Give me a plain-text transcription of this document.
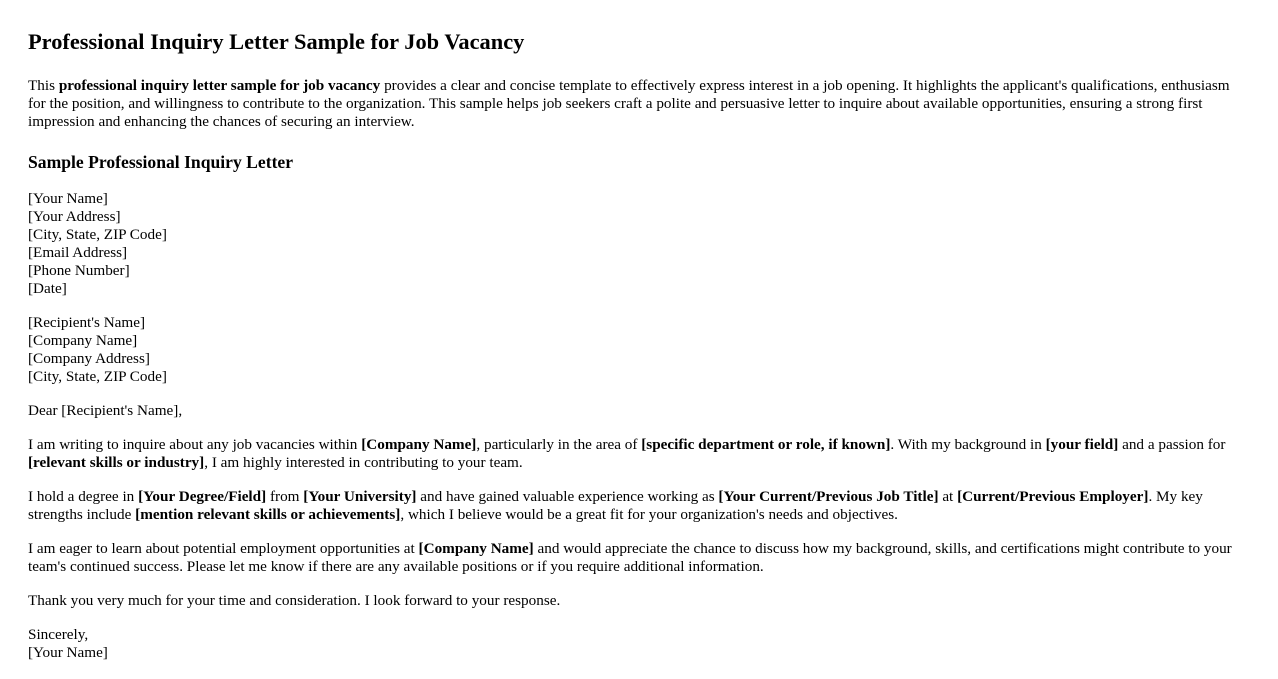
Professional Inquiry Letter Sample for Job Vacancy

This professional inquiry letter sample for job vacancy provides a clear and concise template to effectively express interest in a job opening. It highlights the applicant's qualifications, enthusiasm for the position, and willingness to contribute to the organization. This sample helps job seekers craft a polite and persuasive letter to inquire about available opportunities, ensuring a strong first impression and enhancing the chances of securing an interview.

Sample Professional Inquiry Letter
[Your Name]
[Your Address]
[City, State, ZIP Code]
[Email Address]
[Phone Number]
[Date]
[Recipient's Name]
[Company Name]
[Company Address]
[City, State, ZIP Code]

Dear [Recipient's Name],

I am writing to inquire about any job vacancies within [Company Name], particularly in the area of [specific department or role, if known]. With my background in [your field] and a passion for [relevant skills or industry], I am highly interested in contributing to your team.

I hold a degree in [Your Degree/Field] from [Your University] and have gained valuable experience working as [Your Current/Previous Job Title] at [Current/Previous Employer]. My key strengths include [mention relevant skills or achievements], which I believe would be a great fit for your organization's needs and objectives.

I am eager to learn about potential employment opportunities at [Company Name] and would appreciate the chance to discuss how my background, skills, and certifications might contribute to your team's continued success. Please let me know if there are any available positions or if you require additional information.

Thank you very much for your time and consideration. I look forward to your response.

Sincerely,
[Your Name]
